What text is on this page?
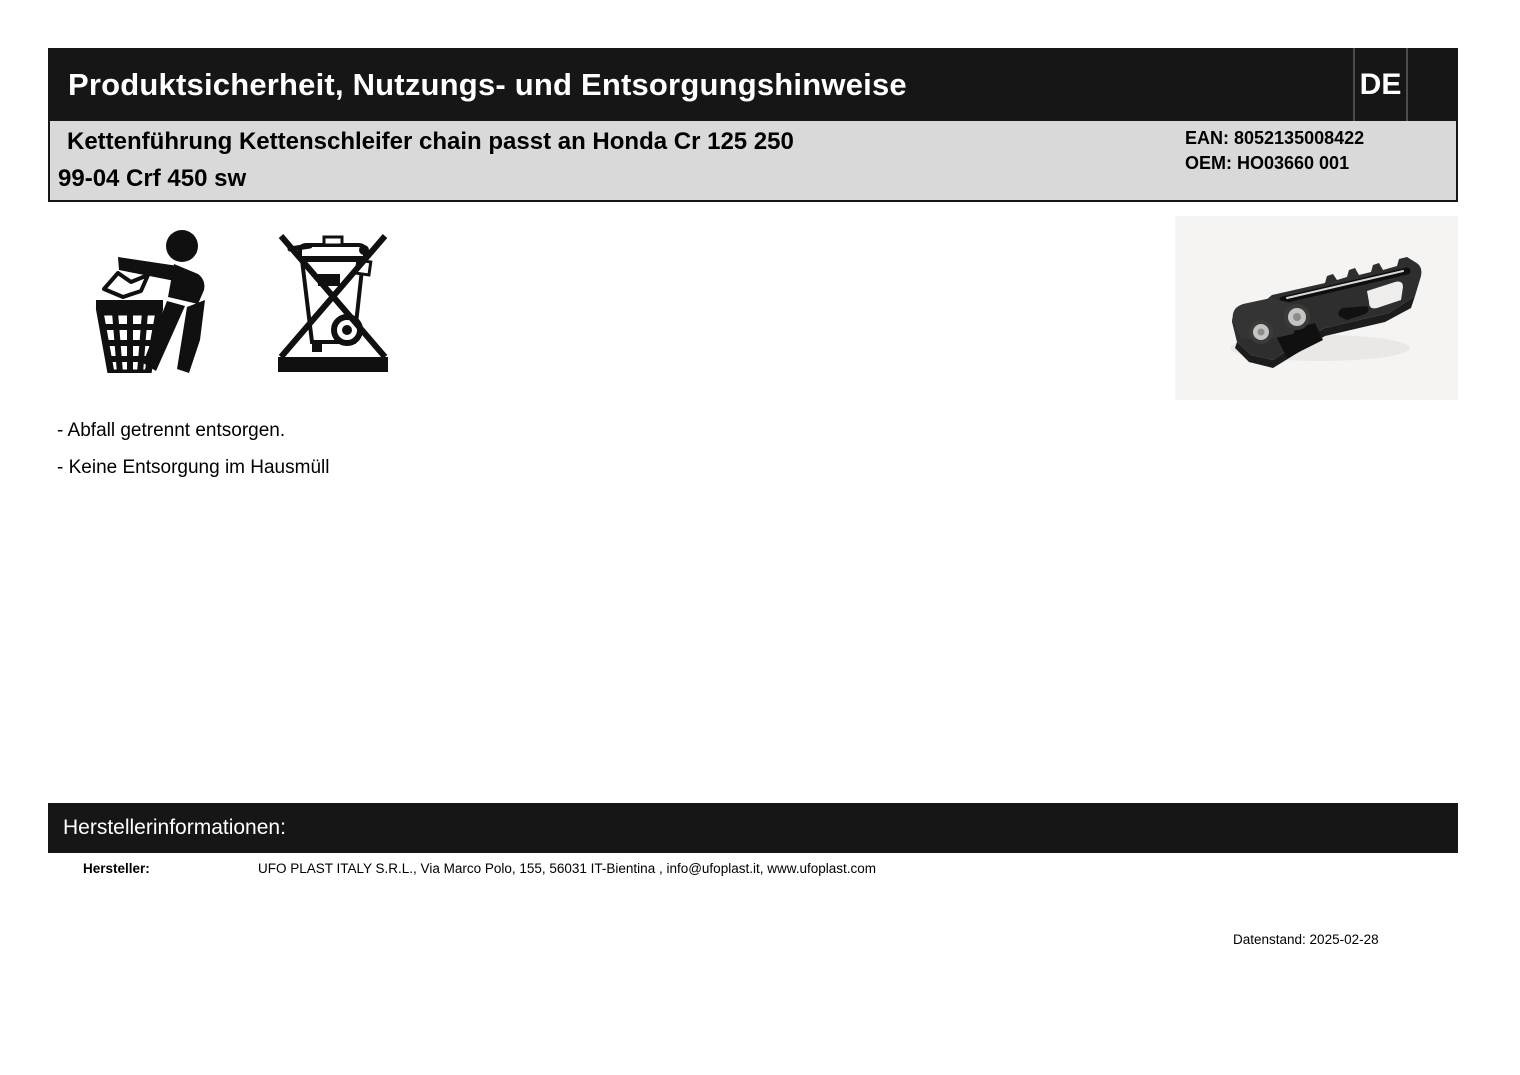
Produktsicherheit, Nutzungs- und Entsorgungshinweise	DE
Kettenführung Kettenschleifer chain passt an Honda Cr 125 250
99-04 Crf 450 sw
EAN: 8052135008422
OEM: HO03660 001
- Abfall getrennt entsorgen.
- Keine Entsorgung im Hausmüll
Herstellerinformationen:
Hersteller:	UFO PLAST ITALY S.R.L., Via Marco Polo, 155, 56031 IT-Bientina , info@ufoplast.it, www.ufoplast.com
Datenstand: 2025-02-28
